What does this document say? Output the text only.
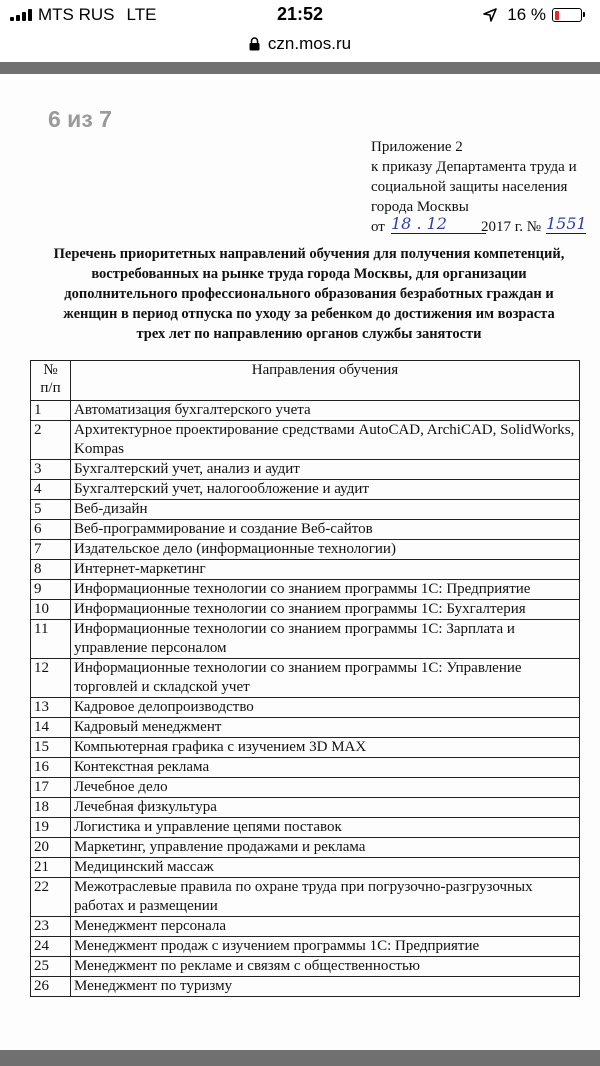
MTS RUS LTE	21:52	16 %
czn.mos.ru
6 из 7
Приложение 2
к приказу Департамента труда и
социальной защиты населения
города Москвы
от 18 . 12	2017 г. № 1551
Перечень приоритетных направлений обучения для получения компетенций,
востребованных на рынке труда города Москвы, для организации
дополнительного профессионального образования безработных граждан и
женщин в период отпуска по уходу за ребенком до достижения им возраста
трех лет по направлению органов службы занятости
№
п/п	Направления обучения
1	Автоматизация бухгалтерского учета
2	Архитектурное проектирование средствами AutoCAD, ArchiCAD, SolidWorks, Kompas
3	Бухгалтерский учет, анализ и аудит
4	Бухгалтерский учет, налогообложение и аудит
5	Веб-дизайн
6	Веб-программирование и создание Веб-сайтов
7	Издательское дело (информационные технологии)
8	Интернет-маркетинг
9	Информационные технологии со знанием программы 1С: Предприятие
10	Информационные технологии со знанием программы 1С: Бухгалтерия
11	Информационные технологии со знанием программы 1С: Зарплата и управление персоналом
12	Информационные технологии со знанием программы 1С: Управление торговлей и складской учет
13	Кадровое делопроизводство
14	Кадровый менеджмент
15	Компьютерная графика с изучением 3D MAX
16	Контекстная реклама
17	Лечебное дело
18	Лечебная физкультура
19	Логистика и управление цепями поставок
20	Маркетинг, управление продажами и реклама
21	Медицинский массаж
22	Межотраслевые правила по охране труда при погрузочно-разгрузочных работах и размещении
23	Менеджмент персонала
24	Менеджмент продаж с изучением программы 1С: Предприятие
25	Менеджмент по рекламе и связям с общественностью
26	Менеджмент по туризму
